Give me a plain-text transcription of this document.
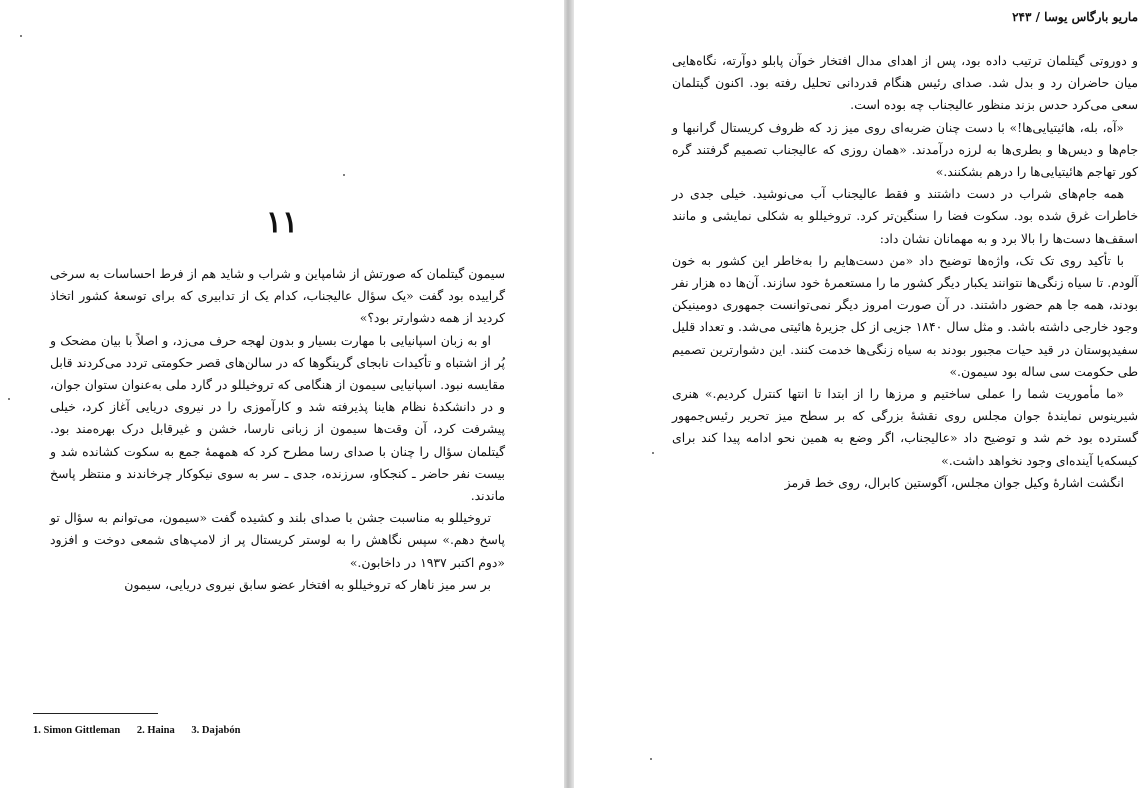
۱۱

سیمون گیتلمان که صورتش از شامپاین و شراب و شاید هم از فرط احساسات به سرخی گراییده بود گفت «یک سؤال عالیجناب، کدام یک از تدابیری که برای توسعهٔ کشور اتخاذ کردید از همه دشوارتر بود؟»

او به زبان اسپانیایی با مهارت بسیار و بدون لهجه حرف می‌زد، و اصلاً با بیان مضحک و پُر از اشتباه و تأکیدات نابجای گرینگوها که در سالن‌های قصر حکومتی تردد می‌کردند قابل مقایسه نبود. اسپانیایی سیمون از هنگامی که تروخیللو در گارد ملی به‌عنوان ستوان جوان، و در دانشکدهٔ نظام هاینا پذیرفته شد و کارآموزی را در نیروی دریایی آغاز کرد، خیلی پیشرفت کرد، آن وقت‌ها سیمون از زبانی نارسا، خشن و غیرقابل درک بهره‌مند بود. گیتلمان سؤال را چنان با صدای رسا مطرح کرد که همهمهٔ جمع به سکوت کشانده شد و بیست نفر حاضر ـ کنجکاو، سرزنده، جدی ـ سر به سوی نیکوکار چرخاندند و منتظر پاسخ ماندند.

تروخیللو به مناسبت جشن با صدای بلند و کشیده گفت «سیمون، می‌توانم به سؤال تو پاسخ دهم.» سپس نگاهش را به لوستر کریستال پر از لامپ‌های شمعی دوخت و افزود «دوم اکتبر ۱۹۳۷ در داخابون.»

بر سر میز ناهار که تروخیللو به افتخار عضو سابق نیروی دریایی، سیمون

1. Simon Gittleman 2. Haina 3. Dajabón
ماریو بارگاس یوسا / ۲۴۳

و دوروتی گیتلمان ترتیب داده بود، پس از اهدای مدال افتخار خوآن پابلو دوآرته، نگاه‌هایی میان حاضران رد و بدل شد. صدای رئیس هنگام قدردانی تحلیل رفته بود. اکنون گیتلمان سعی می‌کرد حدس بزند منظور عالیجناب چه بوده است.

«آه، بله، هائیتیایی‌ها!» با دست چنان ضربه‌ای روی میز زد که ظروف کریستال گرانبها و جام‌ها و دیس‌ها و بطری‌ها به لرزه درآمدند. «همان روزی که عالیجناب تصمیم گرفتند گره کور تهاجم هائیتیایی‌ها را درهم بشکنند.»

همه جام‌های شراب در دست داشتند و فقط عالیجناب آب می‌نوشید. خیلی جدی در خاطرات غرق شده بود. سکوت فضا را سنگین‌تر کرد. تروخیللو به شکلی نمایشی و مانند اسقف‌ها دست‌ها را بالا برد و به مهمانان نشان داد:

با تأکید روی تک تک، واژه‌ها توضیح داد «من دست‌هایم را به‌خاطر این کشور به خون آلودم. تا سیاه زنگی‌ها نتوانند یکبار دیگر کشور ما را مستعمرهٔ خود سازند. آن‌ها ده هزار نفر بودند، همه جا هم حضور داشتند. در آن صورت امروز دیگر نمی‌توانست جمهوری دومینیکن وجود خارجی داشته باشد. و مثل سال ۱۸۴۰ جزیی از کل جزیرهٔ هائیتی می‌شد. و تعداد قلیل سفیدپوستان در قید حیات مجبور بودند به سیاه زنگی‌ها خدمت کنند. این دشوارترین تصمیم طی حکومت سی ساله بود سیمون.»

«ما مأموریت شما را عملی ساختیم و مرزها را از ابتدا تا انتها کنترل کردیم.» هنری شیرینوس نمایندهٔ جوان مجلس روی نقشهٔ بزرگی که بر سطح میز تحریر رئیس‌جمهور گسترده بود خم شد و توضیح داد «عالیجناب، اگر وضع به همین نحو ادامه پیدا کند برای کیسکه‌یا آینده‌ای وجود نخواهد داشت.»

انگشت اشارهٔ وکیل جوان مجلس، آگوستین کابرال، روی خط قرمز
